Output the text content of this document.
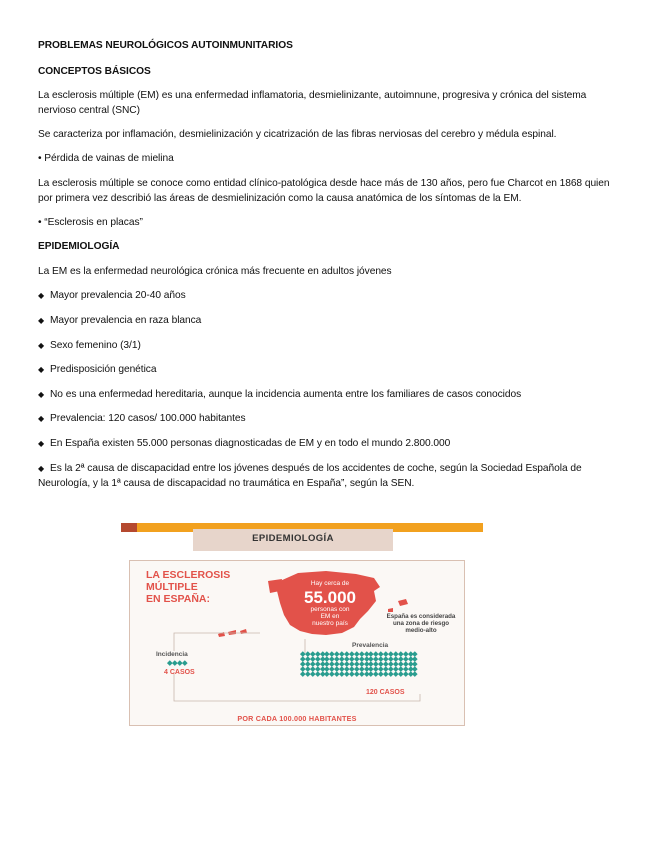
PROBLEMAS NEUROLÓGICOS AUTOINMUNITARIOS
CONCEPTOS BÁSICOS
La esclerosis múltiple (EM) es una enfermedad inflamatoria, desmielinizante, autoimnune, progresiva y crónica del sistema nervioso central (SNC)
Se caracteriza por inflamación, desmielinización y cicatrización de las fibras nerviosas del cerebro y médula espinal.
• Pérdida de vainas de mielina
La esclerosis múltiple se conoce como entidad clínico-patológica desde hace más de 130 años, pero fue Charcot en 1868 quien por primera vez describió las áreas de desmielinización como la causa anatómica de los síntomas de la EM.
• “Esclerosis en placas”
EPIDEMIOLOGÍA
La EM es la enfermedad neurológica crónica más frecuente en adultos jóvenes
◆ Mayor prevalencia 20-40 años
◆ Mayor prevalencia en raza blanca
◆ Sexo femenino (3/1)
◆ Predisposición genética
◆ No es una enfermedad hereditaria, aunque la incidencia aumenta entre los familiares de casos conocidos
◆ Prevalencia: 120 casos/ 100.000 habitantes
◆ En España existen 55.000 personas diagnosticadas de EM y en todo el mundo 2.800.000
◆ Es la 2ª causa de discapacidad entre los jóvenes después de los accidentes de coche, según la Sociedad Española de Neurología, y la 1ª causa de discapacidad no traumática en España”, según la SEN.
EPIDEMIOLOGÍA
LA ESCLEROSIS
MÚLTIPLE
EN ESPAÑA:
Hay cerca de
55.000
personas con
EM en
nuestro país
España es considerada una zona de riesgo medio-alto
Incidencia
4 CASOS
Prevalencia
120 CASOS
POR CADA 100.000 HABITANTES
